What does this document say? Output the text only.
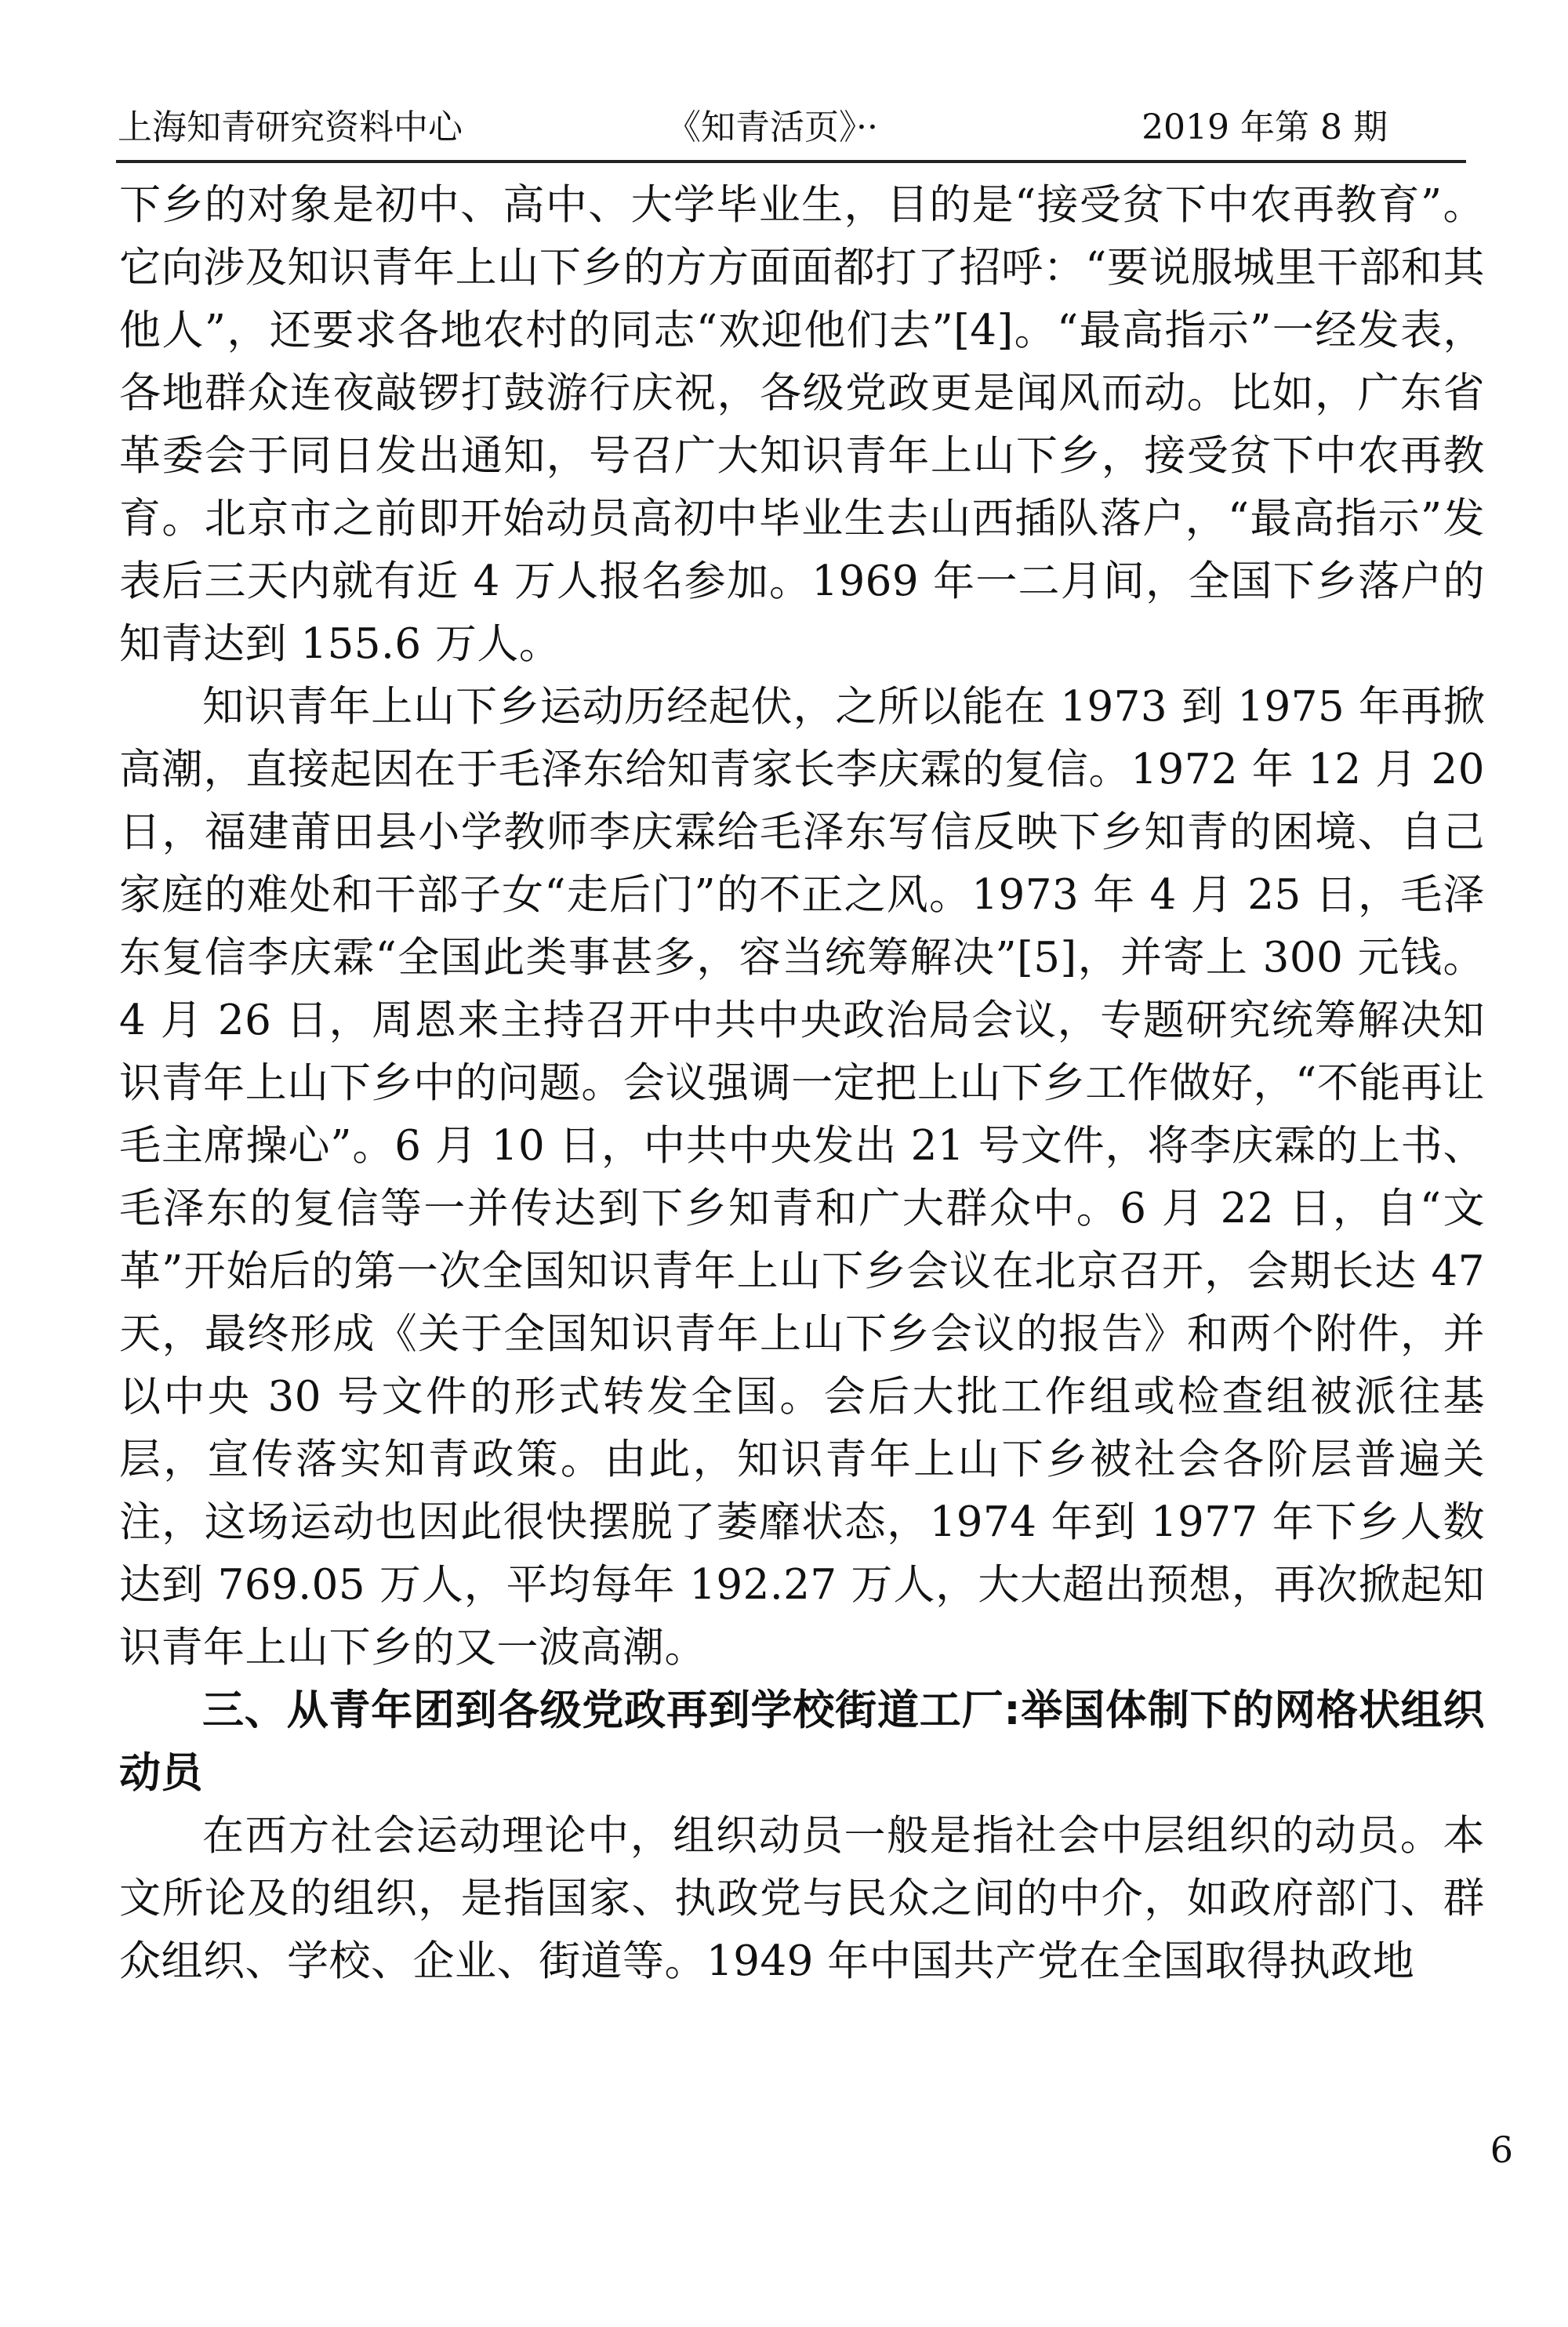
上海知青研究资料中心	《知青活页》··	2019 年第 8 期

下乡的对象是初中、高中、大学毕业生，目的是“接受贫下中农再教育”。它向涉及知识青年上山下乡的方方面面都打了招呼：“要说服城里干部和其他人”，还要求各地农村的同志“欢迎他们去”[4]。“最高指示”一经发表，各地群众连夜敲锣打鼓游行庆祝，各级党政更是闻风而动。比如，广东省革委会于同日发出通知，号召广大知识青年上山下乡，接受贫下中农再教育。北京市之前即开始动员高初中毕业生去山西插队落户，“最高指示”发表后三天内就有近 4 万人报名参加。1969 年一二月间，全国下乡落户的知青达到 155.6 万人。

知识青年上山下乡运动历经起伏，之所以能在 1973 到 1975 年再掀高潮，直接起因在于毛泽东给知青家长李庆霖的复信。1972 年 12 月 20 日，福建莆田县小学教师李庆霖给毛泽东写信反映下乡知青的困境、自己家庭的难处和干部子女“走后门”的不正之风。1973 年 4 月 25 日，毛泽东复信李庆霖“全国此类事甚多，容当统筹解决”[5]，并寄上 300 元钱。4 月 26 日，周恩来主持召开中共中央政治局会议，专题研究统筹解决知识青年上山下乡中的问题。会议强调一定把上山下乡工作做好，“不能再让毛主席操心”。6 月 10 日，中共中央发出 21 号文件，将李庆霖的上书、毛泽东的复信等一并传达到下乡知青和广大群众中。6 月 22 日，自“文革”开始后的第一次全国知识青年上山下乡会议在北京召开，会期长达 47 天，最终形成《关于全国知识青年上山下乡会议的报告》和两个附件，并以中央 30 号文件的形式转发全国。会后大批工作组或检查组被派往基层，宣传落实知青政策。由此，知识青年上山下乡被社会各阶层普遍关注，这场运动也因此很快摆脱了萎靡状态，1974 年到 1977 年下乡人数达到 769.05 万人，平均每年 192.27 万人，大大超出预想，再次掀起知识青年上山下乡的又一波高潮。

三、从青年团到各级党政再到学校街道工厂:举国体制下的网格状组织动员

在西方社会运动理论中，组织动员一般是指社会中层组织的动员。本文所论及的组织，是指国家、执政党与民众之间的中介，如政府部门、群众组织、学校、企业、街道等。1949 年中国共产党在全国取得执政地

6
